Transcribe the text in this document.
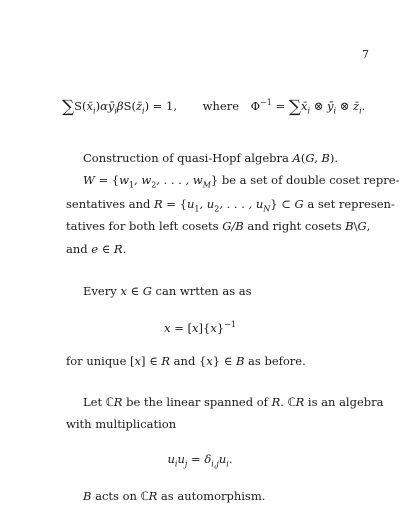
7
$\sum S(x̄_i)\alpha ȳ_i\beta S(z̄_i) = 1$, where $\Phi^{-1}$ = $\sum x̄_i$ ⊗ $ȳ_i$ ⊗ $z̄_i$.
Construction of quasi-Hopf algebra A(G, B).
$W = \{w_1$, $w_2$, . . . , $w_M$} be a set of double coset repre-
sentatives and $R = \{u_1$, $u_2$, . . . , $u_N$} ⊂ G a set represen-
tatives for both left cosets G/B and right cosets B\G,
and e ∈ R.
Every x ∈ G can wrtten as as
$x = [x]\{x\}^{-1}$
for unique [x] ∈ R and {x} ∈ B as before.
Let ℂR be the linear spanned of R. ℂR is an algebra
with multiplication
$u_iu_j = \delta_{i,j}u_i$.
B acts on ℂR as automorphism.
